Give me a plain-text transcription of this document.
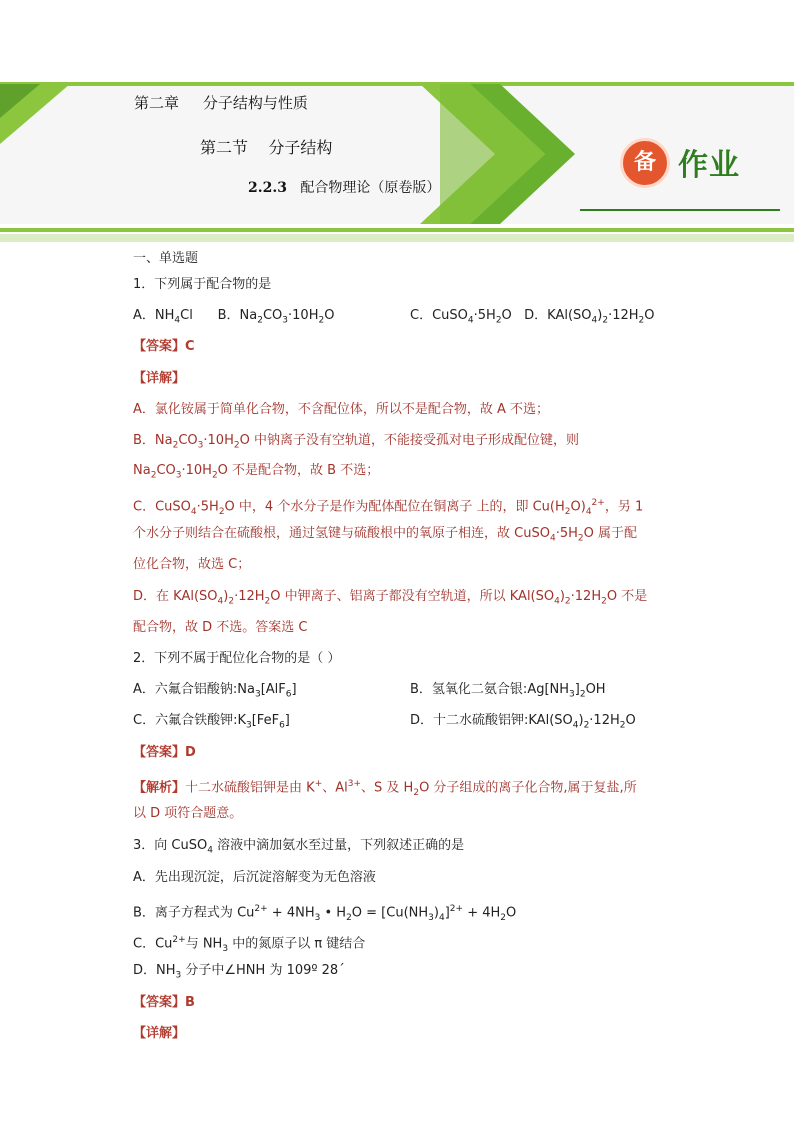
第二章     分子结构与性质
第二节    分子结构
2.2.3 配合物理论（原卷版）
备 作业
一、单选题
1．下列属于配合物的是
A．$NH_4Cl$      B．$Na_2CO_3\cdot 10H_2O$	C．$CuSO_4\cdot 5H_2O$   D．$KAl(SO_4)_2\cdot 12H_2O$
【答案】C
【详解】
A．氯化铵属于简单化合物，不含配位体，所以不是配合物，故 A 不选；
B．$Na_2CO_3\cdot 10H_2O$ 中钠离子没有空轨道，不能接受孤对电子形成配位键，则
$Na_2CO_3\cdot 10H_2O$ 不是配合物，故 B 不选；
C．$CuSO_4\cdot 5H_2O$ 中，4 个水分子是作为配体配位在铜离子 上的，即 $Cu(H_2O)_4^{2+}$，另 1
个水分子则结合在硫酸根，通过氢键与硫酸根中的氧原子相连，故 $CuSO_4\cdot 5H_2O$ 属于配
位化合物，故选 C；
D．在 $KAl(SO_4)_2\cdot 12H_2O$ 中钾离子、铝离子都没有空轨道，所以 $KAl(SO_4)_2\cdot 12H_2O$ 不是
配合物，故 D 不选。答案选 C
2．下列不属于配位化合物的是（ ）
A．六氟合铝酸钠$:Na_3[AlF_6]$	B．氢氧化二氨合银$:Ag[NH_3]_2OH$
C．六氟合铁酸钾$:K_3[FeF_6]$	D．十二水硫酸铝钾$:KAl(SO_4)_2\cdot 12H_2O$
【答案】D
【解析】十二水硫酸铝钾是由 K+、$Al^{3+}$、S 及 $H_2O$ 分子组成的离子化合物,属于复盐,所
以 D 项符合题意。
3．向 CuSO$_4$ 溶液中滴加氨水至过量，下列叙述正确的是
A．先出现沉淀，后沉淀溶解变为无色溶液
B．离子方程式为 $Cu^{2+} + 4NH_3$ • $H_2O = [Cu(NH_3)_4]^{2+} + 4H_2O$
C．$Cu^{2+}$与 $NH_3$ 中的氮原子以 π 键结合
D．$NH_3$ 分子中∠HNH 为 109º 28´
【答案】B
【详解】
